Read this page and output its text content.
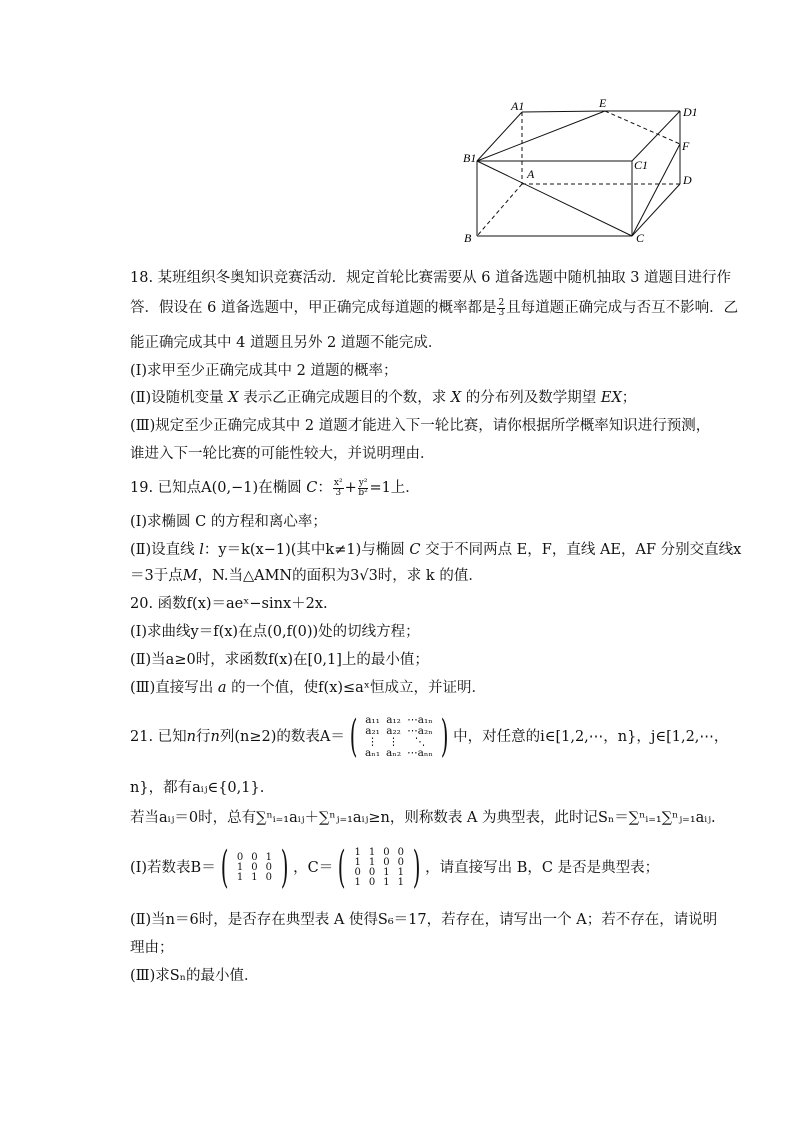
A1	E
D1
B1	C1
F
A	D
B	C
18. 某班组织冬奥知识竞赛活动．规定首轮比赛需要从 6 道备选题中随机抽取 3 道题目进行作
答．假设在 6 道备选题中，甲正确完成每道题的概率都是 $\frac{2}{3}$ 且每道题正确完成与否互不影响．乙
能正确完成其中 4 道题且另外 2 道题不能完成．
(Ⅰ)求甲至少正确完成其中 2 道题的概率；
(Ⅱ)设随机变量 X 表示乙正确完成题目的个数，求 X 的分布列及数学期望 EX；
(Ⅲ)规定至少正确完成其中 2 道题才能进入下一轮比赛，请你根据所学概率知识进行预测，
谁进入下一轮比赛的可能性较大，并说明理由．
19. 已知点A(0,−1)在椭圆 C： $\frac{\text{x²}}{3} + \frac{\text{y²}}{\text{b²}} =1$上．
(Ⅰ)求椭圆 C 的方程和离心率；
(Ⅱ)设直线 l：y＝k(x−1)(其中k≠1)与椭圆 C 交于不同两点 E，F，直线 AE，AF 分别交直线x
＝3于点M，N.当△AMN的面积为3√3时，求 k 的值．
20. 函数f(x)＝aeˣ−sinx＋2x.
(Ⅰ)求曲线y＝f(x)在点(0,f(0))处的切线方程；
(Ⅱ)当a≥0时，求函数f(x)在[0,1]上的最小值；
(Ⅲ)直接写出 a 的一个值，使f(x)≤aˣ恒成立，并证明．
21. 已知 n 行 n 列(n≥2)的数表A＝ ( a₁₁	a₁₂	⋯a₁ₙ
a₂₁	a₂₂	⋯a₂ₙ
⋮	⋮	⋱
aₙ₁	aₙ₂	⋯aₙₙ ) 中，对任意的i∈[1,2,⋯，n}，j∈[1,2,⋯，
n}，都有aᵢⱼ∈{0,1}.
若当aᵢⱼ＝0时，总有∑ⁿᵢ₌₁aᵢⱼ＋∑ⁿⱼ₌₁aᵢⱼ≥n，则称数表 A 为典型表，此时记Sₙ＝∑ⁿᵢ₌₁∑ⁿⱼ₌₁aᵢⱼ.
(Ⅰ)若数表B＝ ( 0	0	1
1	0	0
1	1	0 ) ，C＝ ( 1	1	0	0
1	1	0	0
0	0	1	1
1	0	1	1 ) ，请直接写出 B，C 是否是典型表；
(Ⅱ)当n＝6时，是否存在典型表 A 使得S₆＝17，若存在，请写出一个 A；若不存在，请说明
理由；
(Ⅲ)求Sₙ的最小值．
